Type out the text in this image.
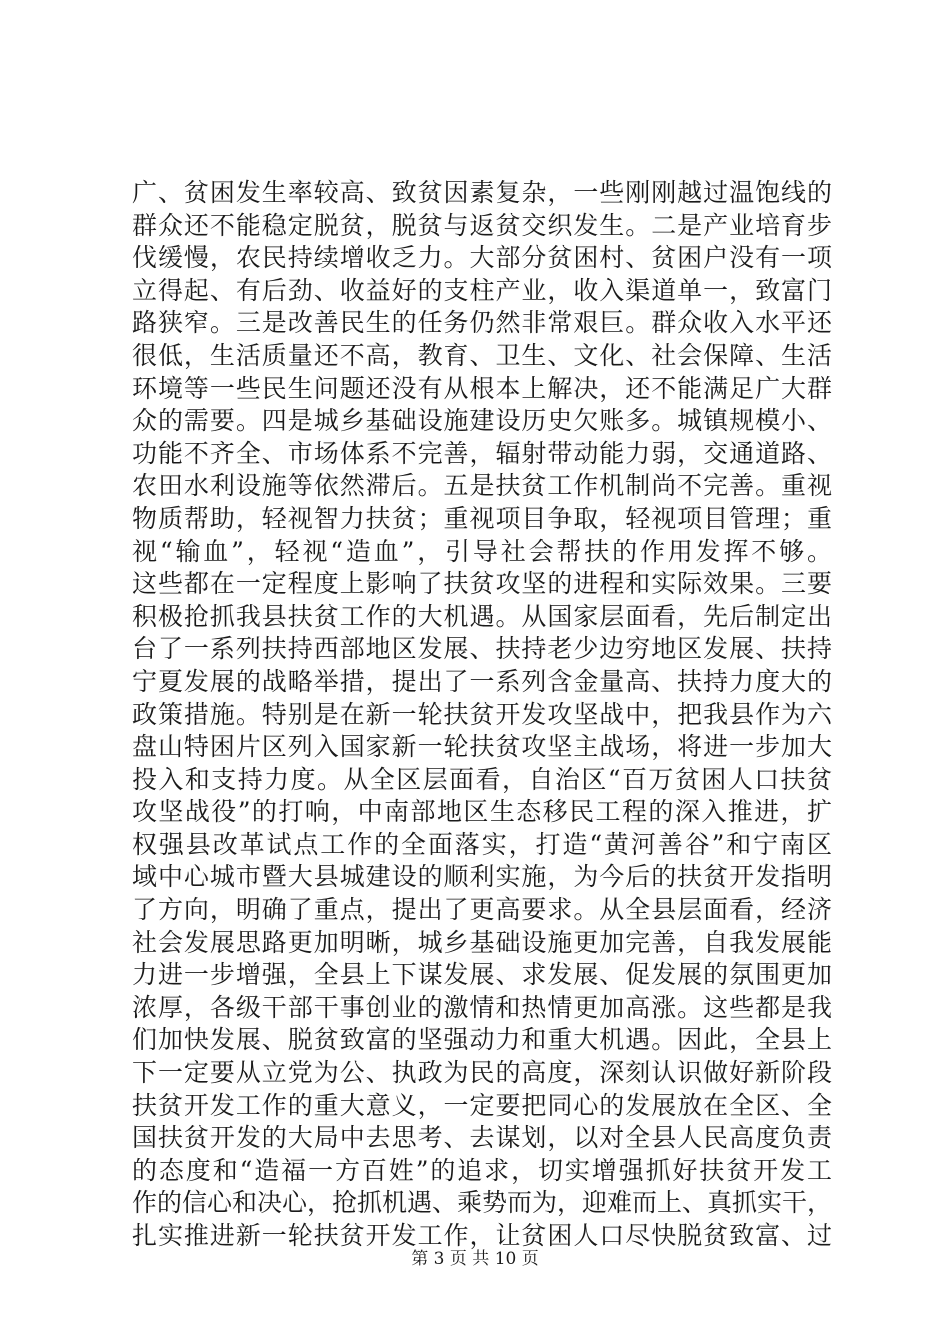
广、贫困发生率较高、致贫因素复杂，一些刚刚越过温饱线的
群众还不能稳定脱贫，脱贫与返贫交织发生。二是产业培育步
伐缓慢，农民持续增收乏力。大部分贫困村、贫困户没有一项
立得起、有后劲、收益好的支柱产业，收入渠道单一，致富门
路狭窄。三是改善民生的任务仍然非常艰巨。群众收入水平还
很低，生活质量还不高，教育、卫生、文化、社会保障、生活
环境等一些民生问题还没有从根本上解决，还不能满足广大群
众的需要。四是城乡基础设施建设历史欠账多。城镇规模小、
功能不齐全、市场体系不完善，辐射带动能力弱，交通道路、
农田水利设施等依然滞后。五是扶贫工作机制尚不完善。重视
物质帮助，轻视智力扶贫；重视项目争取，轻视项目管理；重
视“输血”，轻视“造血”，引导社会帮扶的作用发挥不够。
这些都在一定程度上影响了扶贫攻坚的进程和实际效果。三要
积极抢抓我县扶贫工作的大机遇。从国家层面看，先后制定出
台了一系列扶持西部地区发展、扶持老少边穷地区发展、扶持
宁夏发展的战略举措，提出了一系列含金量高、扶持力度大的
政策措施。特别是在新一轮扶贫开发攻坚战中，把我县作为六
盘山特困片区列入国家新一轮扶贫攻坚主战场，将进一步加大
投入和支持力度。从全区层面看，自治区“百万贫困人口扶贫
攻坚战役”的打响，中南部地区生态移民工程的深入推进，扩
权强县改革试点工作的全面落实，打造“黄河善谷”和宁南区
域中心城市暨大县城建设的顺利实施，为今后的扶贫开发指明
了方向，明确了重点，提出了更高要求。从全县层面看，经济
社会发展思路更加明晰，城乡基础设施更加完善，自我发展能
力进一步增强，全县上下谋发展、求发展、促发展的氛围更加
浓厚，各级干部干事创业的激情和热情更加高涨。这些都是我
们加快发展、脱贫致富的坚强动力和重大机遇。因此，全县上
下一定要从立党为公、执政为民的高度，深刻认识做好新阶段
扶贫开发工作的重大意义，一定要把同心的发展放在全区、全
国扶贫开发的大局中去思考、去谋划，以对全县人民高度负责
的态度和“造福一方百姓”的追求，切实增强抓好扶贫开发工
作的信心和决心，抢抓机遇、乘势而为，迎难而上、真抓实干，
扎实推进新一轮扶贫开发工作，让贫困人口尽快脱贫致富、过
第 3 页 共 10 页
